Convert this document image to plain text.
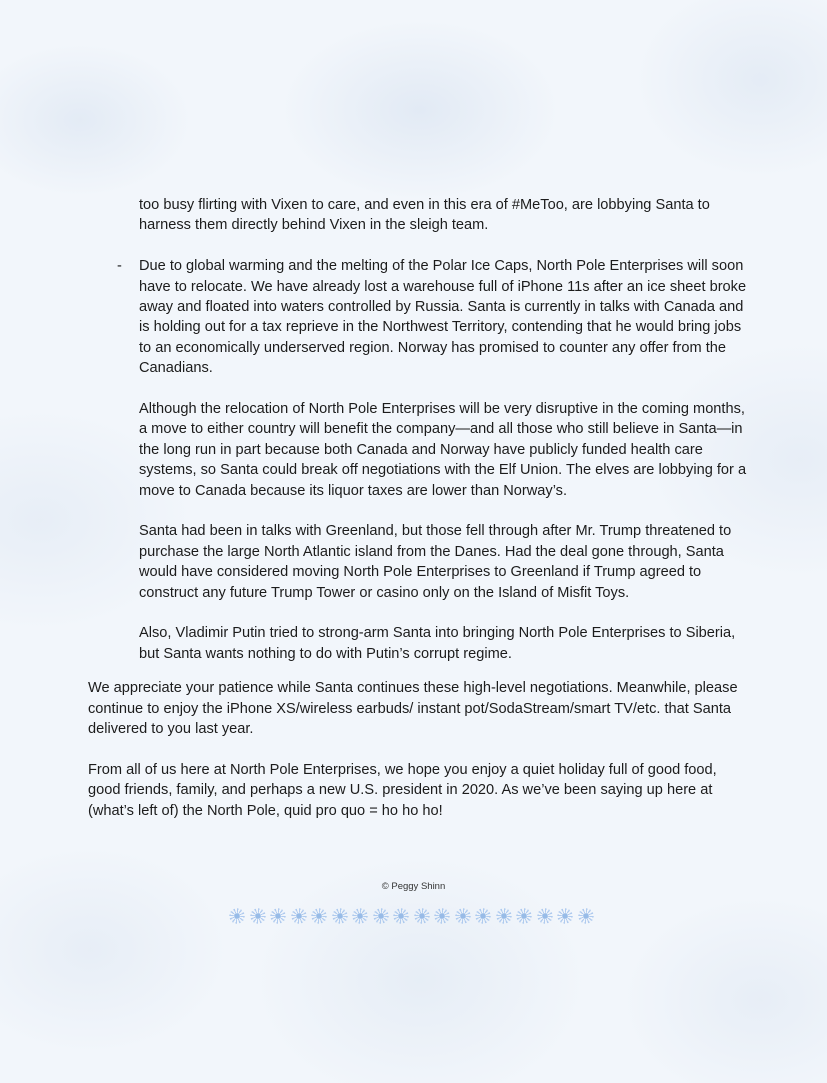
too busy flirting with Vixen to care, and even in this era of #MeToo, are lobbying Santa to harness them directly behind Vixen in the sleigh team.

- Due to global warming and the melting of the Polar Ice Caps, North Pole Enterprises will soon have to relocate. We have already lost a warehouse full of iPhone 11s after an ice sheet broke away and floated into waters controlled by Russia. Santa is currently in talks with Canada and is holding out for a tax reprieve in the Northwest Territory, contending that he would bring jobs to an economically underserved region. Norway has promised to counter any offer from the Canadians.

Although the relocation of North Pole Enterprises will be very disruptive in the coming months, a move to either country will benefit the company—and all those who still believe in Santa—in the long run in part because both Canada and Norway have publicly funded health care systems, so Santa could break off negotiations with the Elf Union. The elves are lobbying for a move to Canada because its liquor taxes are lower than Norway’s.

Santa had been in talks with Greenland, but those fell through after Mr. Trump threatened to purchase the large North Atlantic island from the Danes. Had the deal gone through, Santa would have considered moving North Pole Enterprises to Greenland if Trump agreed to construct any future Trump Tower or casino only on the Island of Misfit Toys.

Also, Vladimir Putin tried to strong-arm Santa into bringing North Pole Enterprises to Siberia, but Santa wants nothing to do with Putin’s corrupt regime.

We appreciate your patience while Santa continues these high-level negotiations. Meanwhile, please continue to enjoy the iPhone XS/wireless earbuds/ instant pot/SodaStream/smart TV/etc. that Santa delivered to you last year.

From all of us here at North Pole Enterprises, we hope you enjoy a quiet holiday full of good food, good friends, family, and perhaps a new U.S. president in 2020. As we’ve been saying up here at (what’s left of) the North Pole, quid pro quo = ho ho ho!

© Peggy Shinn
